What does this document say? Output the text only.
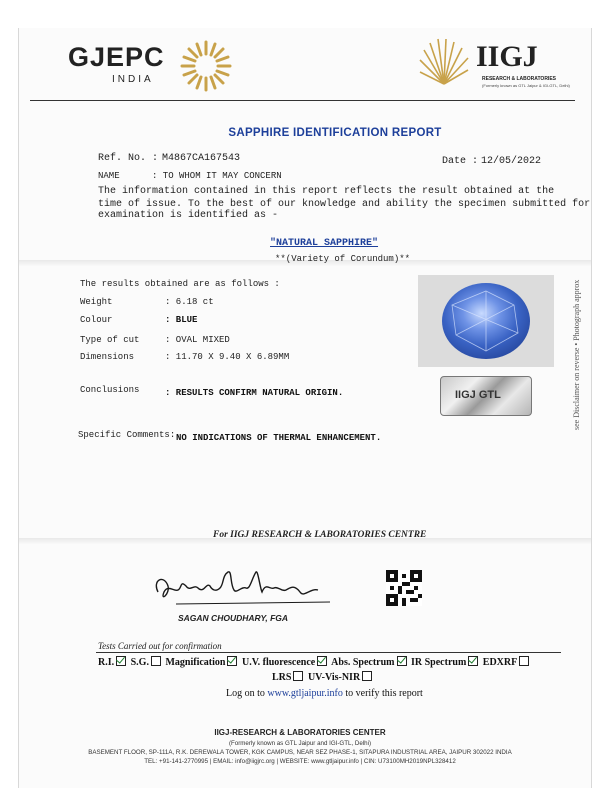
GJEPC
INDIA
IIGJ
RESEARCH & LABORATORIES
(Formerly known as GTL Jaipur & IGI-GTL, Delhi)
SAPPHIRE IDENTIFICATION REPORT
Ref. No. : M4867CA167543	Date : 12/05/2022
NAME	: TO WHOM IT MAY CONCERN
The information contained in this report reflects the result obtained at the
time of issue. To the best of our knowledge and ability the specimen submitted for
examination is identified as -
"NATURAL SAPPHIRE"
**(Variety of Corundum)**
The results obtained are as follows :
Weight	: 6.18 ct
Colour	: BLUE
Type of cut	: OVAL MIXED
Dimensions	: 11.70 X 9.40 X 6.89MM
Conclusions	: RESULTS CONFIRM NATURAL ORIGIN.
Specific Comments: NO INDICATIONS OF THERMAL ENHANCEMENT.
IIGJ GTL	see Disclaimer on reverse • Photograph approx
For IIGJ RESEARCH & LABORATORIES CENTRE
SAGAN CHOUDHARY, FGA
Tests Carried out for confirmation
R.I. S.G. Magnification U.V. fluorescence Abs. Spectrum IR Spectrum EDXRF
LRS UV-Vis-NIR
Log on to www.gtljaipur.info to verify this report
IIGJ-RESEARCH & LABORATORIES CENTER
(Formerly known as GTL Jaipur and IGI-GTL, Delhi)
BASEMENT FLOOR, SP-111A, R.K. DEREWALA TOWER, KGK CAMPUS, NEAR SEZ PHASE-1, SITAPURA INDUSTRIAL AREA, JAIPUR 302022 INDIA
TEL: +91-141-2770995 | EMAIL: info@iigjrc.org | WEBSITE: www.gtljaipur.info | CIN: U73100MH2019NPL328412
